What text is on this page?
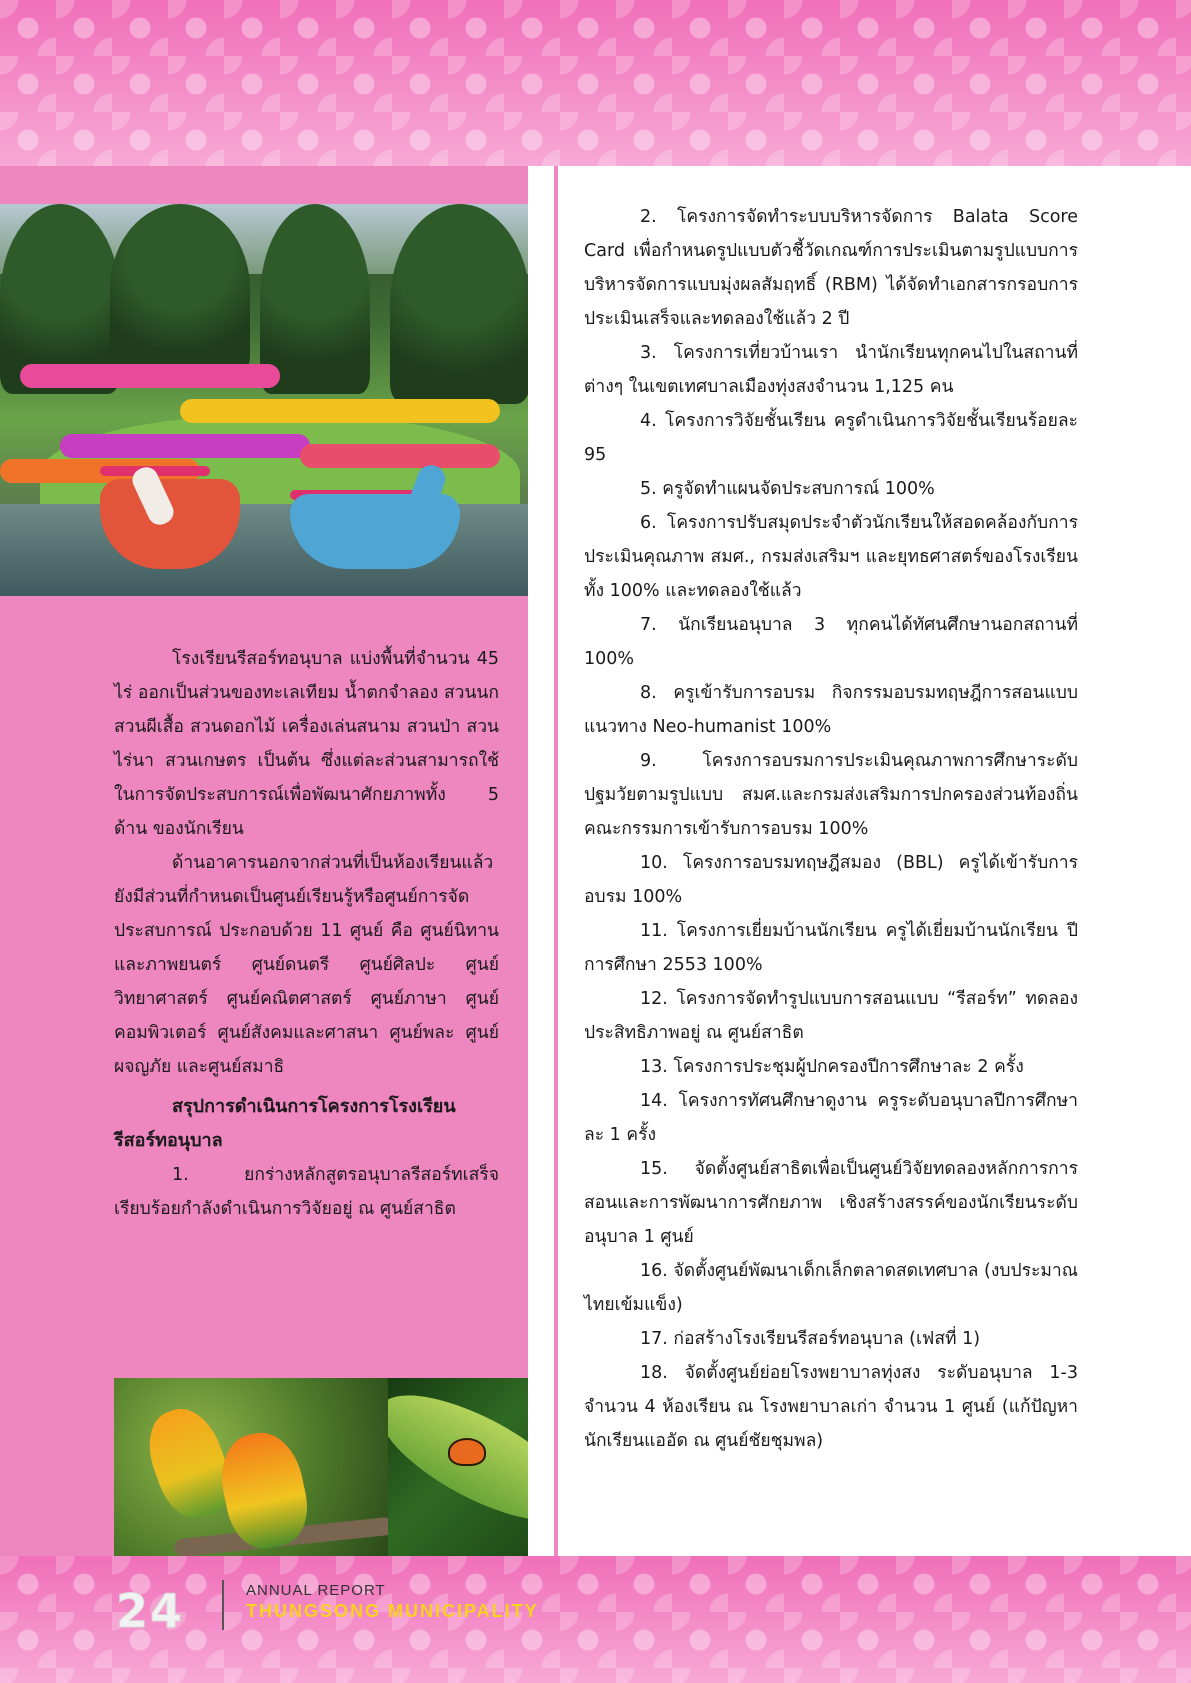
โรงเรียนรีสอร์ทอนุบาล แบ่งพื้นที่จำนวน 45 ไร่ ออกเป็นส่วนของทะเลเทียม น้ำตกจำลอง สวนนก สวนผีเสื้อ สวนดอกไม้ เครื่องเล่นสนาม สวนป่า สวนไร่นา สวนเกษตร เป็นต้น ซึ่งแต่ละส่วนสามารถใช้ในการจัดประสบการณ์เพื่อพัฒนาศักยภาพทั้ง 5 ด้าน ของนักเรียน

ด้านอาคารนอกจากส่วนที่เป็นห้องเรียนแล้ว ยังมีส่วนที่กำหนดเป็นศูนย์เรียนรู้หรือศูนย์การจัดประสบการณ์ ประกอบด้วย 11 ศูนย์ คือ ศูนย์นิทานและภาพยนตร์ ศูนย์ดนตรี ศูนย์ศิลปะ ศูนย์วิทยาศาสตร์ ศูนย์คณิตศาสตร์ ศูนย์ภาษา ศูนย์คอมพิวเตอร์ ศูนย์สังคมและศาสนา ศูนย์พละ ศูนย์ผจญภัย และศูนย์สมาธิ

สรุปการดำเนินการโครงการโรงเรียนรีสอร์ทอนุบาล

1. ยกร่างหลักสูตรอนุบาลรีสอร์ทเสร็จเรียบร้อยกำลังดำเนินการวิจัยอยู่ ณ ศูนย์สาธิต

2. โครงการจัดทำระบบบริหารจัดการ Balata Score Card เพื่อกำหนดรูปแบบตัวชี้วัดเกณฑ์การประเมินตามรูปแบบการบริหารจัดการแบบมุ่งผลสัมฤทธิ์ (RBM) ได้จัดทำเอกสารกรอบการประเมินเสร็จและทดลองใช้แล้ว 2 ปี

3. โครงการเที่ยวบ้านเรา นำนักเรียนทุกคนไปในสถานที่ต่างๆ ในเขตเทศบาลเมืองทุ่งสงจำนวน 1,125 คน

4. โครงการวิจัยชั้นเรียน ครูดำเนินการวิจัยชั้นเรียนร้อยละ 95

5. ครูจัดทำแผนจัดประสบการณ์ 100%

6. โครงการปรับสมุดประจำตัวนักเรียนให้สอดคล้องกับการประเมินคุณภาพ สมศ., กรมส่งเสริมฯ และยุทธศาสตร์ของโรงเรียนทั้ง 100% และทดลองใช้แล้ว

7. นักเรียนอนุบาล 3 ทุกคนได้ทัศนศึกษานอกสถานที่ 100%

8. ครูเข้ารับการอบรม กิจกรรมอบรมทฤษฎีการสอนแบบแนวทาง Neo-humanist 100%

9. โครงการอบรมการประเมินคุณภาพการศึกษาระดับปฐมวัยตามรูปแบบ สมศ.และกรมส่งเสริมการปกครองส่วนท้องถิ่น คณะกรรมการเข้ารับการอบรม 100%

10. โครงการอบรมทฤษฎีสมอง (BBL) ครูได้เข้ารับการอบรม 100%

11. โครงการเยี่ยมบ้านนักเรียน ครูได้เยี่ยมบ้านนักเรียน ปีการศึกษา 2553 100%

12. โครงการจัดทำรูปแบบการสอนแบบ “รีสอร์ท” ทดลองประสิทธิภาพอยู่ ณ ศูนย์สาธิต

13. โครงการประชุมผู้ปกครองปีการศึกษาละ 2 ครั้ง

14. โครงการทัศนศึกษาดูงาน ครูระดับอนุบาลปีการศึกษาละ 1 ครั้ง

15. จัดตั้งศูนย์สาธิตเพื่อเป็นศูนย์วิจัยทดลองหลักการการสอนและการพัฒนาการศักยภาพ เชิงสร้างสรรค์ของนักเรียนระดับอนุบาล 1 ศูนย์

16. จัดตั้งศูนย์พัฒนาเด็กเล็กตลาดสดเทศบาล (งบประมาณไทยเข้มแข็ง)

17. ก่อสร้างโรงเรียนรีสอร์ทอนุบาล (เฟสที่ 1)

18. จัดตั้งศูนย์ย่อยโรงพยาบาลทุ่งสง ระดับอนุบาล 1-3 จำนวน 4 ห้องเรียน ณ โรงพยาบาลเก่า จำนวน 1 ศูนย์ (แก้ปัญหานักเรียนแออัด ณ ศูนย์ชัยชุมพล)

24	ANNUAL REPORT
THUNGSONG MUNICIPALITY
